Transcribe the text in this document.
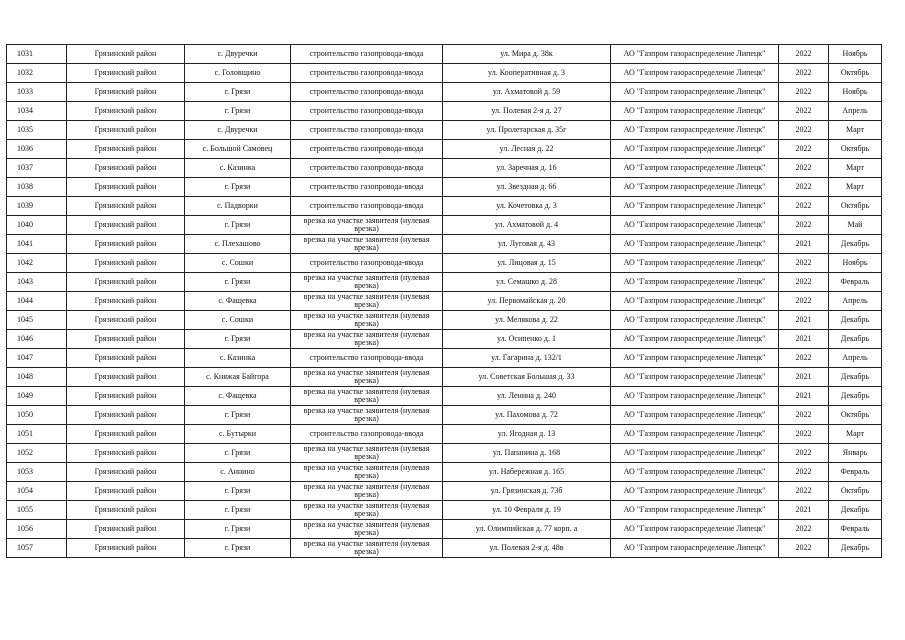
1031	Грязинский район	с. Двуречки	строительство газопровода-ввода	ул. Мира д. 38к	АО "Газпром газораспределение Липецк"	2022	Ноябрь
1032	Грязинский район	с. Головщино	строительство газопровода-ввода	ул. Кооперативная д. 3	АО "Газпром газораспределение Липецк"	2022	Октябрь
1033	Грязинский район	г. Грязи	строительство газопровода-ввода	ул. Ахматовой д. 59	АО "Газпром газораспределение Липецк"	2022	Ноябрь
1034	Грязинский район	г. Грязи	строительство газопровода-ввода	ул. Полевая 2-я д. 27	АО "Газпром газораспределение Липецк"	2022	Апрель
1035	Грязинский район	с. Двуречки	строительство газопровода-ввода	ул. Пролетарская д. 35г	АО "Газпром газораспределение Липецк"	2022	Март
1036	Грязинский район	с. Большой Самовец	строительство газопровода-ввода	ул. Лесная д. 22	АО "Газпром газораспределение Липецк"	2022	Октябрь
1037	Грязинский район	с. Казинка	строительство газопровода-ввода	ул. Заречная д. 16	АО "Газпром газораспределение Липецк"	2022	Март
1038	Грязинский район	г. Грязи	строительство газопровода-ввода	ул. Звездная д. 66	АО "Газпром газораспределение Липецк"	2022	Март
1039	Грязинский район	с. Падворки	строительство газопровода-ввода	ул. Кочетовка д. 3	АО "Газпром газораспределение Липецк"	2022	Октябрь
1040	Грязинский район	г. Грязи	врезка на участке заявителя (нулевая врезка)	ул. Ахматовой д. 4	АО "Газпром газораспределение Липецк"	2022	Май
1041	Грязинский район	с. Плехашово	врезка на участке заявителя (нулевая врезка)	ул. Луговая д. 43	АО "Газпром газораспределение Липецк"	2021	Декабрь
1042	Грязинский район	с. Сошки	строительство газопровода-ввода	ул. Лицовая д. 15	АО "Газпром газораспределение Липецк"	2022	Ноябрь
1043	Грязинский район	г. Грязи	врезка на участке заявителя (нулевая врезка)	ул. Семашко д. 28	АО "Газпром газораспределение Липецк"	2022	Февраль
1044	Грязинский район	с. Фащевка	врезка на участке заявителя (нулевая врезка)	ул. Первомайская д. 20	АО "Газпром газораспределение Липецк"	2022	Апрель
1045	Грязинский район	с. Сошки	врезка на участке заявителя (нулевая врезка)	ул. Мелякова д. 22	АО "Газпром газораспределение Липецк"	2021	Декабрь
1046	Грязинский район	г. Грязи	врезка на участке заявителя (нулевая врезка)	ул. Осипенко д. 1	АО "Газпром газораспределение Липецк"	2021	Декабрь
1047	Грязинский район	с. Казинка	строительство газопровода-ввода	ул. Гагарина д. 132/1	АО "Газпром газораспределение Липецк"	2022	Апрель
1048	Грязинский район	с. Княжая Байгора	врезка на участке заявителя (нулевая врезка)	ул. Советская Большая д. 33	АО "Газпром газораспределение Липецк"	2021	Декабрь
1049	Грязинский район	с. Фащевка	врезка на участке заявителя (нулевая врезка)	ул. Ленина д. 240	АО "Газпром газораспределение Липецк"	2021	Декабрь
1050	Грязинский район	г. Грязи	врезка на участке заявителя (нулевая врезка)	ул. Пахомова д. 72	АО "Газпром газораспределение Липецк"	2022	Октябрь
1051	Грязинский район	с. Бутырки	строительство газопровода-ввода	ул. Ягодная д. 13	АО "Газпром газораспределение Липецк"	2022	Март
1052	Грязинский район	г. Грязи	врезка на участке заявителя (нулевая врезка)	ул. Папанина д. 168	АО "Газпром газораспределение Липецк"	2022	Январь
1053	Грязинский район	с. Аннино	врезка на участке заявителя (нулевая врезка)	ул. Набережная д. 165	АО "Газпром газораспределение Липецк"	2022	Февраль
1054	Грязинский район	г. Грязи	врезка на участке заявителя (нулевая врезка)	ул. Грязинская д. 73б	АО "Газпром газораспределение Липецк"	2022	Октябрь
1055	Грязинский район	г. Грязи	врезка на участке заявителя (нулевая врезка)	ул. 10 Февраля д. 19	АО "Газпром газораспределение Липецк"	2021	Декабрь
1056	Грязинский район	г. Грязи	врезка на участке заявителя (нулевая врезка)	ул. Олимпийская д. 77 корп. а	АО "Газпром газораспределение Липецк"	2022	Февраль
1057	Грязинский район	г. Грязи	врезка на участке заявителя (нулевая врезка)	ул. Полевая 2-я д. 48в	АО "Газпром газораспределение Липецк"	2022	Декабрь
